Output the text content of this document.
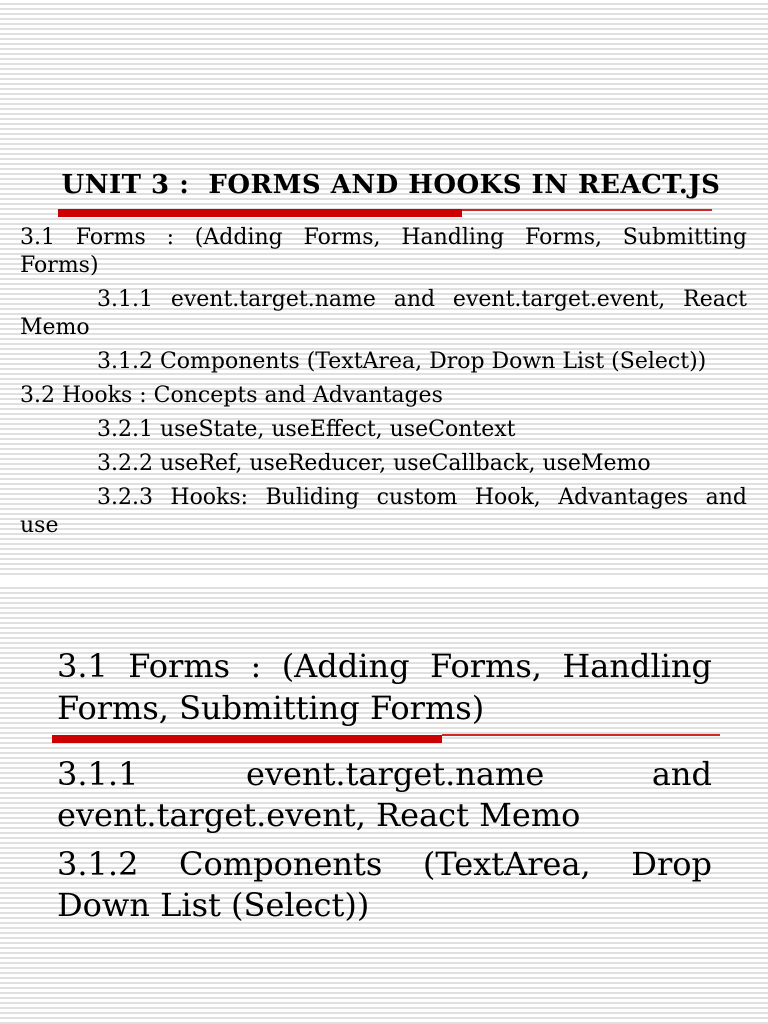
UNIT 3 :  FORMS AND HOOKS IN REACT.JS
3.1 Forms : (Adding Forms, Handling Forms, Submitting
Forms)
3.1.1 event.target.name and event.target.event, React
Memo
3.1.2 Components (TextArea, Drop Down List (Select))
3.2 Hooks : Concepts and Advantages
3.2.1 useState, useEffect, useContext
3.2.2 useRef, useReducer, useCallback, useMemo
3.2.3 Hooks: Buliding custom Hook, Advantages and
use
3.1 Forms : (Adding Forms, Handling
Forms, Submitting Forms)
3.1.1 event.target.name and
event.target.event, React Memo
3.1.2 Components (TextArea, Drop
Down List (Select))
